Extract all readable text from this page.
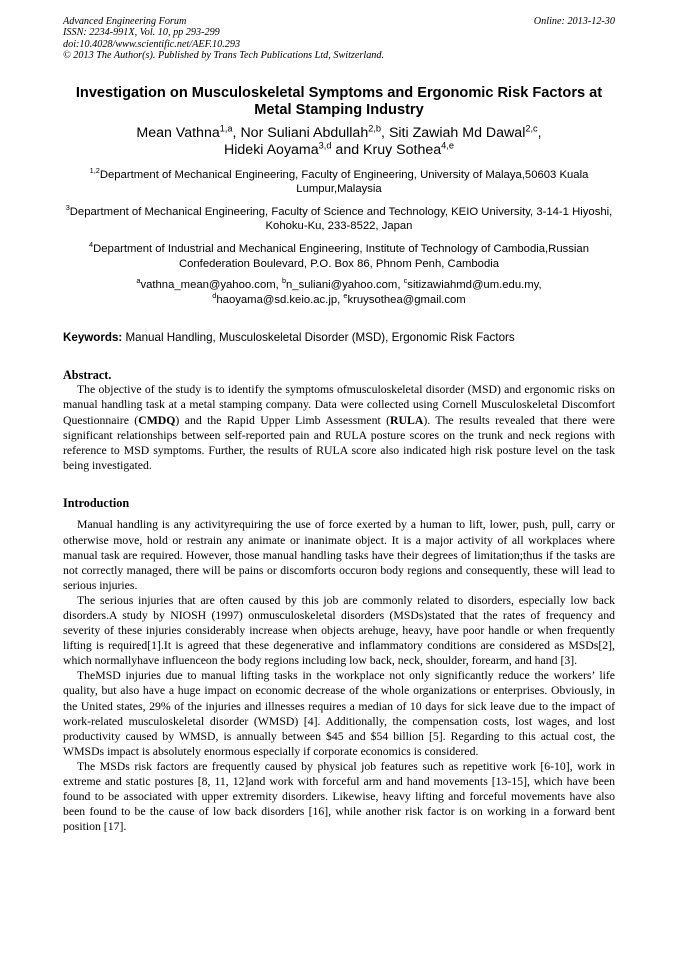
Advanced Engineering Forum	Online: 2013-12-30
ISSN: 2234-991X, Vol. 10, pp 293-299
doi:10.4028/www.scientific.net/AEF.10.293
© 2013 The Author(s). Published by Trans Tech Publications Ltd, Switzerland.
Investigation on Musculoskeletal Symptoms and Ergonomic Risk Factors at Metal Stamping Industry
Mean Vathna$^{1,a}$, Nor Suliani Abdullah$^{2,b}$, Siti Zawiah Md Dawal$^{2,c}$,
Hideki Aoyama$^{3,d}$ and Kruy Sothea$^{4,e}$
$^{1,2}$Department of Mechanical Engineering, Faculty of Engineering, University of Malaya,50603 Kuala Lumpur,Malaysia
$^3$Department of Mechanical Engineering, Faculty of Science and Technology, KEIO University, 3-14-1 Hiyoshi, Kohoku-Ku, 233-8522, Japan
$^4$Department of Industrial and Mechanical Engineering, Institute of Technology of Cambodia,Russian Confederation Boulevard, P.O. Box 86, Phnom Penh, Cambodia
$^a$vathna_mean@yahoo.com, $^b$n_suliani@yahoo.com, $^c$sitizawiahmd@um.edu.my,
$^d$haoyama@sd.keio.ac.jp, $^e$kruysothea@gmail.com
Keywords: Manual Handling, Musculoskeletal Disorder (MSD), Ergonomic Risk Factors
Abstract.

The objective of the study is to identify the symptoms ofmusculoskeletal disorder (MSD) and ergonomic risks on manual handling task at a metal stamping company. Data were collected using Cornell Musculoskeletal Discomfort Questionnaire (CMDQ) and the Rapid Upper Limb Assessment (RULA). The results revealed that there were significant relationships between self-reported pain and RULA posture scores on the trunk and neck regions with reference to MSD symptoms. Further, the results of RULA score also indicated high risk posture level on the task being investigated.

Introduction

Manual handling is any activityrequiring the use of force exerted by a human to lift, lower, push, pull, carry or otherwise move, hold or restrain any animate or inanimate object. It is a major activity of all workplaces where manual task are required. However, those manual handling tasks have their degrees of limitation;thus if the tasks are not correctly managed, there will be pains or discomforts occuron body regions and consequently, these will lead to serious injuries.

The serious injuries that are often caused by this job are commonly related to disorders, especially low back disorders.A study by NIOSH (1997) onmusculoskeletal disorders (MSDs)stated that the rates of frequency and severity of these injuries considerably increase when objects arehuge, heavy, have poor handle or when frequently lifting is required[1].It is agreed that these degenerative and inflammatory conditions are considered as MSDs[2], which normallyhave influenceon the body regions including low back, neck, shoulder, forearm, and hand [3].

TheMSD injuries due to manual lifting tasks in the workplace not only significantly reduce the workers’ life quality, but also have a huge impact on economic decrease of the whole organizations or enterprises. Obviously, in the United states, 29% of the injuries and illnesses requires a median of 10 days for sick leave due to the impact of work-related musculoskeletal disorder (WMSD) [4]. Additionally, the compensation costs, lost wages, and lost productivity caused by WMSD, is annually between $45 and $54 billion [5]. Regarding to this actual cost, the WMSDs impact is absolutely enormous especially if corporate economics is considered.

The MSDs risk factors are frequently caused by physical job features such as repetitive work [6-10], work in extreme and static postures [8, 11, 12]and work with forceful arm and hand movements [13-15], which have been found to be associated with upper extremity disorders. Likewise, heavy lifting and forceful movements have also been found to be the cause of low back disorders [16], while another risk factor is on working in a forward bent position [17].
